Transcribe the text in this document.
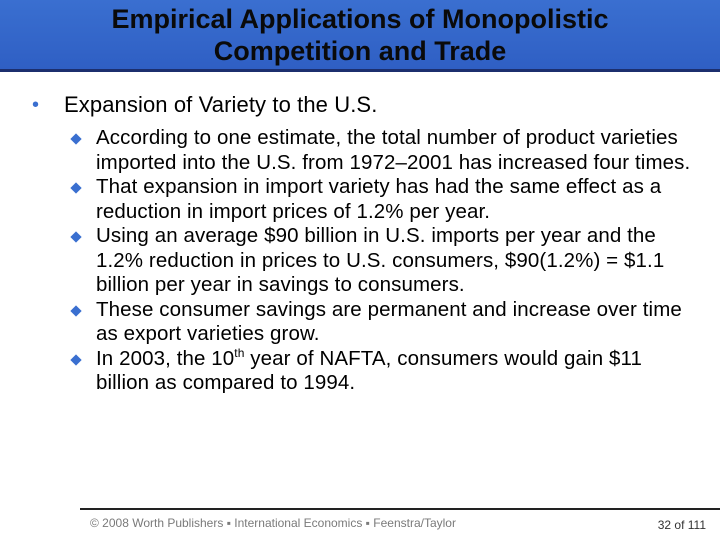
Empirical Applications of Monopolistic
Competition and Trade
• Expansion of Variety to the U.S.
According to one estimate, the total number of product varieties imported into the U.S. from 1972–2001 has increased four times.
That expansion in import variety has had the same effect as a reduction in import prices of 1.2% per year.
Using an average $90 billion in U.S. imports per year and the 1.2% reduction in prices to U.S. consumers, $90(1.2%) = $1.1 billion per year in savings to consumers.
These consumer savings are permanent and increase over time as export varieties grow.
In 2003, the 10th year of NAFTA, consumers would gain $11 billion as compared to 1994.
© 2008 Worth Publishers ▪ International Economics ▪ Feenstra/Taylor	32 of 111
